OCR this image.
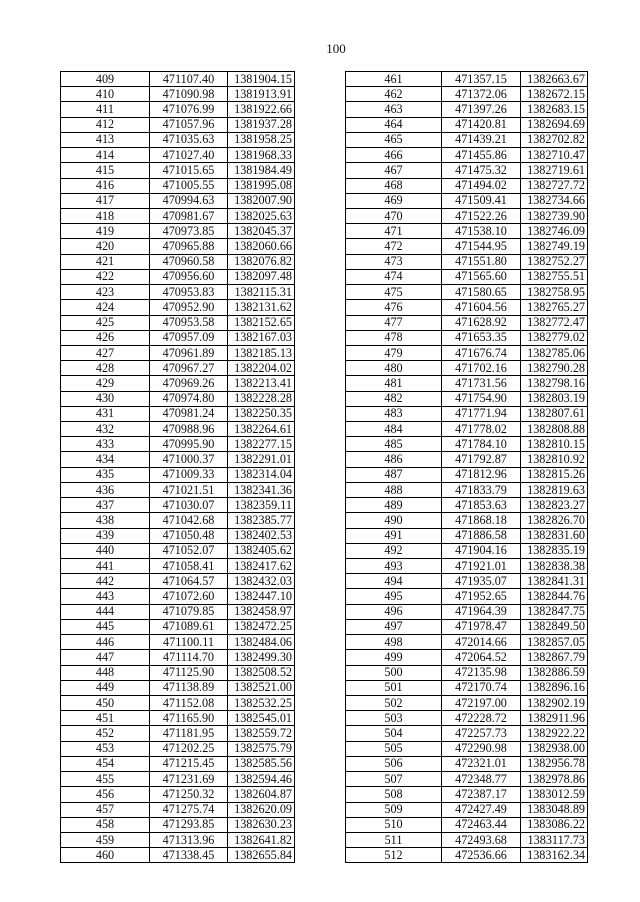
100
409	471107.40	1381904.15
410	471090.98	1381913.91
411	471076.99	1381922.66
412	471057.96	1381937.28
413	471035.63	1381958.25
414	471027.40	1381968.33
415	471015.65	1381984.49
416	471005.55	1381995.08
417	470994.63	1382007.90
418	470981.67	1382025.63
419	470973.85	1382045.37
420	470965.88	1382060.66
421	470960.58	1382076.82
422	470956.60	1382097.48
423	470953.83	1382115.31
424	470952.90	1382131.62
425	470953.58	1382152.65
426	470957.09	1382167.03
427	470961.89	1382185.13
428	470967.27	1382204.02
429	470969.26	1382213.41
430	470974.80	1382228.28
431	470981.24	1382250.35
432	470988.96	1382264.61
433	470995.90	1382277.15
434	471000.37	1382291.01
435	471009.33	1382314.04
436	471021.51	1382341.36
437	471030.07	1382359.11
438	471042.68	1382385.77
439	471050.48	1382402.53
440	471052.07	1382405.62
441	471058.41	1382417.62
442	471064.57	1382432.03
443	471072.60	1382447.10
444	471079.85	1382458.97
445	471089.61	1382472.25
446	471100.11	1382484.06
447	471114.70	1382499.30
448	471125.90	1382508.52
449	471138.89	1382521.00
450	471152.08	1382532.25
451	471165.90	1382545.01
452	471181.95	1382559.72
453	471202.25	1382575.79
454	471215.45	1382585.56
455	471231.69	1382594.46
456	471250.32	1382604.87
457	471275.74	1382620.09
458	471293.85	1382630.23
459	471313.96	1382641.82
460	471338.45	1382655.84
461	471357.15	1382663.67
462	471372.06	1382672.15
463	471397.26	1382683.15
464	471420.81	1382694.69
465	471439.21	1382702.82
466	471455.86	1382710.47
467	471475.32	1382719.61
468	471494.02	1382727.72
469	471509.41	1382734.66
470	471522.26	1382739.90
471	471538.10	1382746.09
472	471544.95	1382749.19
473	471551.80	1382752.27
474	471565.60	1382755.51
475	471580.65	1382758.95
476	471604.56	1382765.27
477	471628.92	1382772.47
478	471653.35	1382779.02
479	471676.74	1382785.06
480	471702.16	1382790.28
481	471731.56	1382798.16
482	471754.90	1382803.19
483	471771.94	1382807.61
484	471778.02	1382808.88
485	471784.10	1382810.15
486	471792.87	1382810.92
487	471812.96	1382815.26
488	471833.79	1382819.63
489	471853.63	1382823.27
490	471868.18	1382826.70
491	471886.58	1382831.60
492	471904.16	1382835.19
493	471921.01	1382838.38
494	471935.07	1382841.31
495	471952.65	1382844.76
496	471964.39	1382847.75
497	471978.47	1382849.50
498	472014.66	1382857.05
499	472064.52	1382867.79
500	472135.98	1382886.59
501	472170.74	1382896.16
502	472197.00	1382902.19
503	472228.72	1382911.96
504	472257.73	1382922.22
505	472290.98	1382938.00
506	472321.01	1382956.78
507	472348.77	1382978.86
508	472387.17	1383012.59
509	472427.49	1383048.89
510	472463.44	1383086.22
511	472493.68	1383117.73
512	472536.66	1383162.34
